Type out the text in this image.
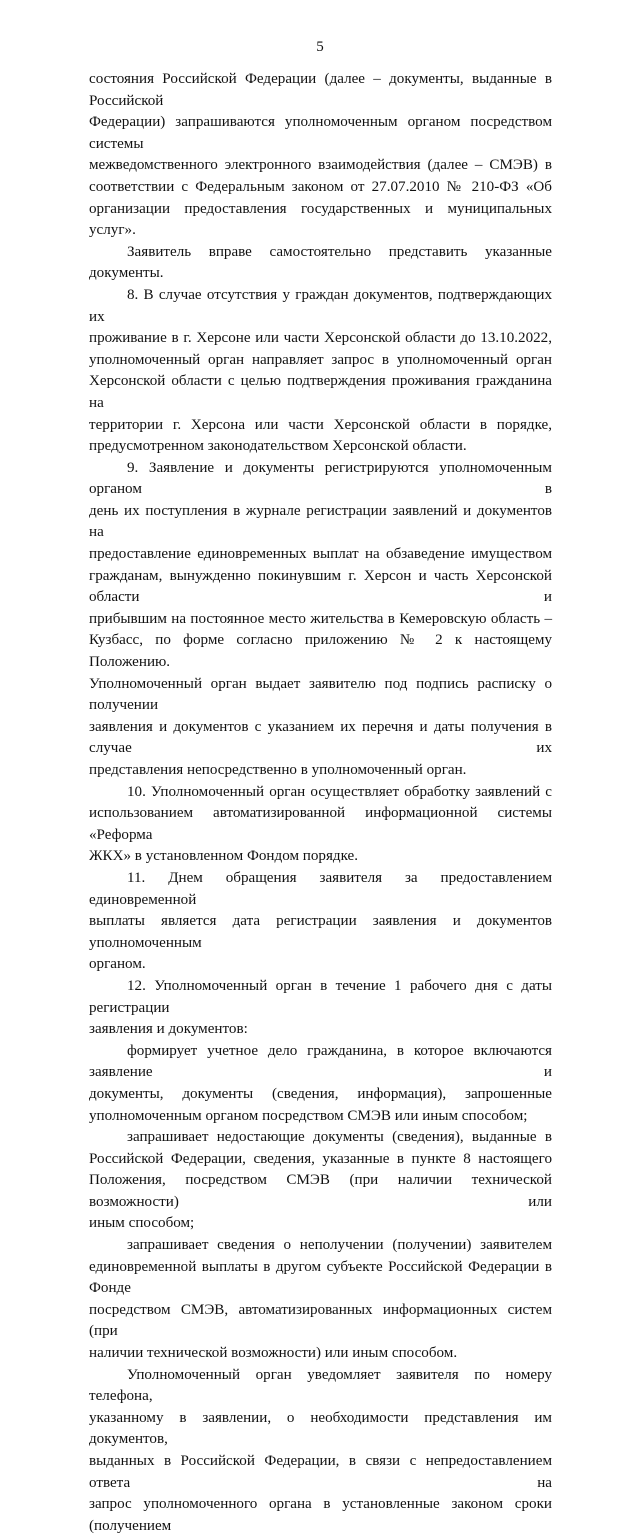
5
состояния Российской Федерации (далее – документы, выданные в Российской
Федерации) запрашиваются уполномоченным органом посредством системы
межведомственного электронного взаимодействия (далее – СМЭВ) в
соответствии с Федеральным законом от 27.07.2010 № 210-ФЗ «Об
организации предоставления государственных и муниципальных услуг».
Заявитель вправе самостоятельно представить указанные документы.
8. В случае отсутствия у граждан документов, подтверждающих их
проживание в г. Херсоне или части Херсонской области до 13.10.2022,
уполномоченный орган направляет запрос в уполномоченный орган
Херсонской области с целью подтверждения проживания гражданина на
территории г. Херсона или части Херсонской области в порядке,
предусмотренном законодательством Херсонской области.
9. Заявление и документы регистрируются уполномоченным органом в
день их поступления в журнале регистрации заявлений и документов на
предоставление единовременных выплат на обзаведение имуществом
гражданам, вынужденно покинувшим г. Херсон и часть Херсонской области и
прибывшим на постоянное место жительства в Кемеровскую область –
Кузбасс, по форме согласно приложению № 2 к настоящему Положению.
Уполномоченный орган выдает заявителю под подпись расписку о получении
заявления и документов с указанием их перечня и даты получения в случае их
представления непосредственно в уполномоченный орган.
10. Уполномоченный орган осуществляет обработку заявлений с
использованием автоматизированной информационной системы «Реформа
ЖКХ» в установленном Фондом порядке.
11. Днем обращения заявителя за предоставлением единовременной
выплаты является дата регистрации заявления и документов уполномоченным
органом.
12. Уполномоченный орган в течение 1 рабочего дня с даты регистрации
заявления и документов:
формирует учетное дело гражданина, в которое включаются заявление и
документы, документы (сведения, информация), запрошенные
уполномоченным органом посредством СМЭВ или иным способом;
запрашивает недостающие документы (сведения), выданные в
Российской Федерации, сведения, указанные в пункте 8 настоящего
Положения, посредством СМЭВ (при наличии технической возможности) или
иным способом;
запрашивает сведения о неполучении (получении) заявителем
единовременной выплаты в другом субъекте Российской Федерации в Фонде
посредством СМЭВ, автоматизированных информационных систем (при
наличии технической возможности) или иным способом.
Уполномоченный орган уведомляет заявителя по номеру телефона,
указанному в заявлении, о необходимости представления им документов,
выданных в Российской Федерации, в связи с непредоставлением ответа на
запрос уполномоченного органа в установленные законом сроки (получением
